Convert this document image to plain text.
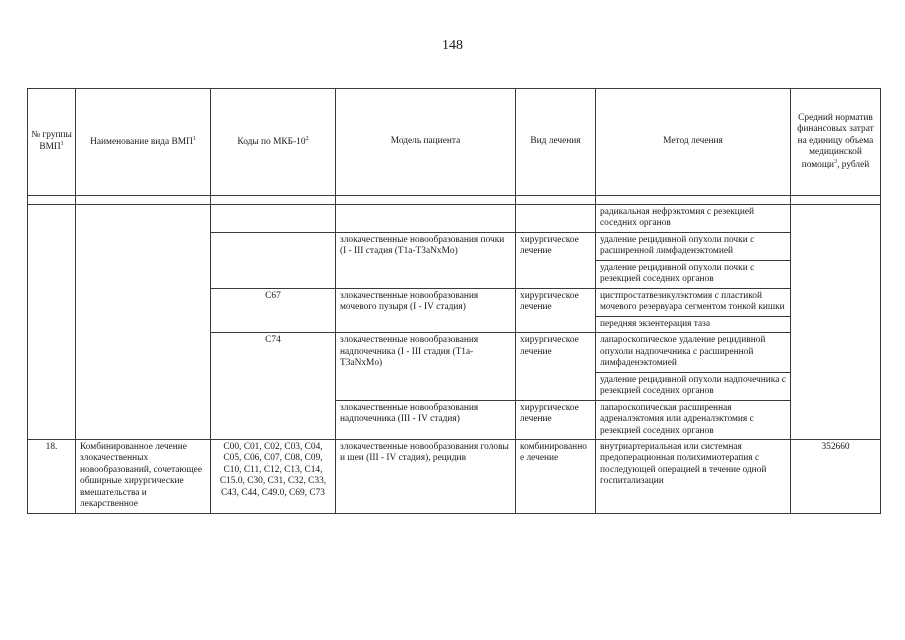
148
№ группы ВМП$^1$	Наименование вида ВМП$^1$	Коды по МКБ-$10^2$	Модель пациента	Вид лечения	Метод лечения	Средний норматив финансовых затрат на единицу объема медицинской помощи$^3$, рублей

					радикальная нефрэктомия с резекцией соседних органов	
			злокачественные новообразования почки (I - III стадия (T1a-T3aNxMo)	хирургическое лечение	удаление рецидивной опухоли почки с расширенной лимфаденэктомией	
					удаление рецидивной опухоли почки с резекцией соседних органов	
		C67	злокачественные новообразования мочевого пузыря (I - IV стадия)	хирургическое лечение	цистпростатвезикулэктомия с пластикой мочевого резервуара сегментом тонкой кишки	
					передняя экзентерация таза	
		C74	злокачественные новообразования надпочечника (I - III стадия (T1a-T3aNxMo)	хирургическое лечение	лапароскопическое удаление рецидивной опухоли надпочечника с расширенной лимфаденэктомией	
					удаление рецидивной опухоли надпочечника с резекцией соседних органов	
			злокачественные новообразования надпочечника (III - IV стадия)	хирургическое лечение	лапароскопическая расширенная адреналэктомия или адреналэктомия с резекцией соседних органов	
18.	Комбинированное лечение злокачественных новообразований, сочетающее обширные хирургические вмешательства и лекарственное	C00, C01, C02, C03, C04, C05, C06, C07, C08, C09, C10, C11, C12, C13, C14, C15.0, C30, C31, C32, C33, C43, C44, C49.0, C69, C73	злокачественные новообразования головы и шеи (III - IV стадия), рецидив	комбинированное лечение	внутриартериальная или системная предоперационная полихимиотерапия с последующей операцией в течение одной госпитализации	352660
